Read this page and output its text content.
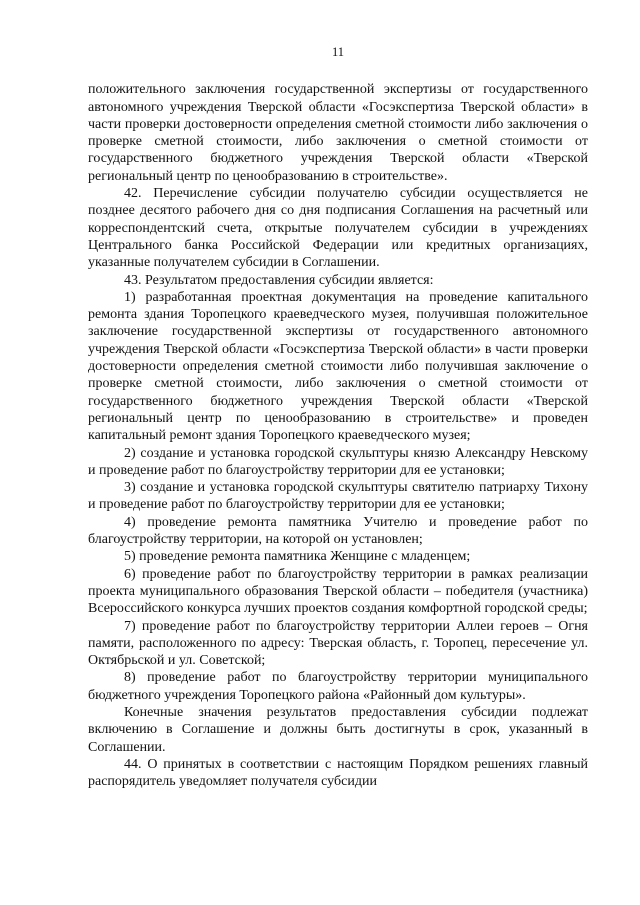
11

положительного заключения государственной экспертизы от государственного автономного учреждения Тверской области «Госэкспертиза Тверской области» в части проверки достоверности определения сметной стоимости либо заключения о проверке сметной стоимости, либо заключения о сметной стоимости от государственного бюджетного учреждения Тверской области «Тверской региональный центр по ценообразованию в строительстве».

42. Перечисление субсидии получателю субсидии осуществляется не позднее десятого рабочего дня со дня подписания Соглашения на расчетный или корреспондентский счета, открытые получателем субсидии в учреждениях Центрального банка Российской Федерации или кредитных организациях, указанные получателем субсидии в Соглашении.

43. Результатом предоставления субсидии является:

1) разработанная проектная документация на проведение капитального ремонта здания Торопецкого краеведческого музея, получившая положительное заключение государственной экспертизы от государственного автономного учреждения Тверской области «Госэкспертиза Тверской области» в части проверки достоверности определения сметной стоимости либо получившая заключение о проверке сметной стоимости, либо заключения о сметной стоимости от государственного бюджетного учреждения Тверской области «Тверской региональный центр по ценообразованию в строительстве» и проведен капитальный ремонт здания Торопецкого краеведческого музея;

2) создание и установка городской скульптуры князю Александру Невскому и проведение работ по благоустройству территории для ее установки;

3) создание и установка городской скульптуры святителю патриарху Тихону и проведение работ по благоустройству территории для ее установки;

4) проведение ремонта памятника Учителю и проведение работ по благоустройству территории, на которой он установлен;

5) проведение ремонта памятника Женщине с младенцем;

6) проведение работ по благоустройству территории в рамках реализации проекта муниципального образования Тверской области – победителя (участника) Всероссийского конкурса лучших проектов создания комфортной городской среды;

7) проведение работ по благоустройству территории Аллеи героев – Огня памяти, расположенного по адресу: Тверская область, г. Торопец, пересечение ул. Октябрьской и ул. Советской;

8) проведение работ по благоустройству территории муниципального бюджетного учреждения Торопецкого района «Районный дом культуры».

Конечные значения результатов предоставления субсидии подлежат включению в Соглашение и должны быть достигнуты в срок, указанный в Соглашении.

44. О принятых в соответствии с настоящим Порядком решениях главный распорядитель уведомляет получателя субсидии
